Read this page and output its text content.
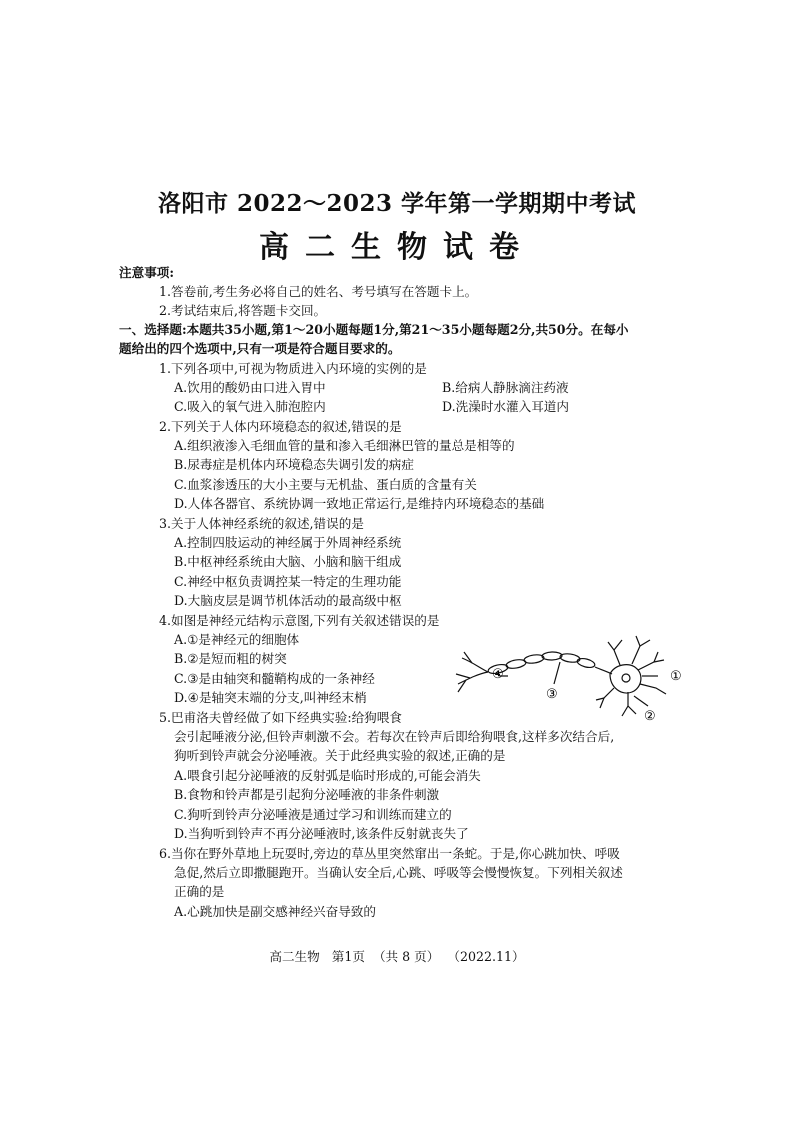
洛阳市 2022～2023 学年第一学期期中考试
高二生物试卷
注意事项:
1.答卷前,考生务必将自己的姓名、考号填写在答题卡上。
2.考试结束后,将答题卡交回。
一、选择题:本题共35小题,第1～20小题每题1分,第21～35小题每题2分,共50分。在每小
题给出的四个选项中,只有一项是符合题目要求的。
1.下列各项中,可视为物质进入内环境的实例的是
A.饮用的酸奶由口进入胃中	B.给病人静脉滴注药液
C.吸入的氧气进入肺泡腔内	D.洗澡时水灌入耳道内
2.下列关于人体内环境稳态的叙述,错误的是
A.组织液渗入毛细血管的量和渗入毛细淋巴管的量总是相等的
B.尿毒症是机体内环境稳态失调引发的病症
C.血浆渗透压的大小主要与无机盐、蛋白质的含量有关
D.人体各器官、系统协调一致地正常运行,是维持内环境稳态的基础
3.关于人体神经系统的叙述,错误的是
A.控制四肢运动的神经属于外周神经系统
B.中枢神经系统由大脑、小脑和脑干组成
C.神经中枢负责调控某一特定的生理功能
D.大脑皮层是调节机体活动的最高级中枢
4.如图是神经元结构示意图,下列有关叙述错误的是
A.①是神经元的细胞体
B.②是短而粗的树突
C.③是由轴突和髓鞘构成的一条神经
D.④是轴突末端的分支,叫神经末梢
①
②
③
④
5.巴甫洛夫曾经做了如下经典实验:给狗喂食
会引起唾液分泌,但铃声刺激不会。若每次在铃声后即给狗喂食,这样多次结合后,
狗听到铃声就会分泌唾液。关于此经典实验的叙述,正确的是
A.喂食引起分泌唾液的反射弧是临时形成的,可能会消失
B.食物和铃声都是引起狗分泌唾液的非条件刺激
C.狗听到铃声分泌唾液是通过学习和训练而建立的
D.当狗听到铃声不再分泌唾液时,该条件反射就丧失了
6.当你在野外草地上玩耍时,旁边的草丛里突然窜出一条蛇。于是,你心跳加快、呼吸
急促,然后立即撒腿跑开。当确认安全后,心跳、呼吸等会慢慢恢复。下列相关叙述
正确的是
A.心跳加快是副交感神经兴奋导致的
高二生物   第1页  （共 8 页）  （2022.11）
